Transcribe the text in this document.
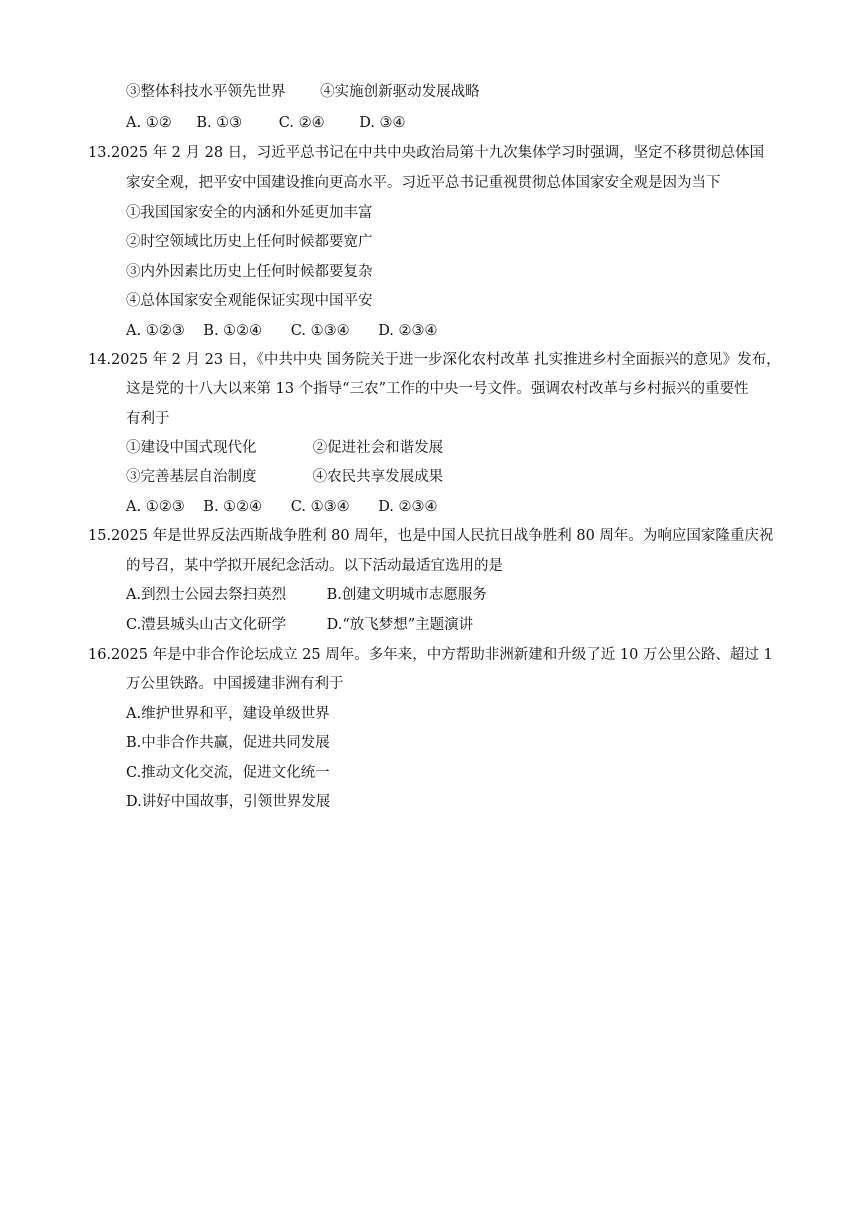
③整体科技水平领先世界 ④实施创新驱动发展战略
A. ①② B. ①③	C. ②④ D. ③④
13.2025 年 2 月 28 日，习近平总书记在中共中央政治局第十九次集体学习时强调，坚定不移贯彻总体国
家安全观，把平安中国建设推向更高水平。习近平总书记重视贯彻总体国家安全观是因为当下
①我国国家安全的内涵和外延更加丰富
②时空领域比历史上任何时候都要宽广
③内外因素比历史上任何时候都要复杂
④总体国家安全观能保证实现中国平安
A. ①②③ B. ①②④ C. ①③④ D. ②③④
14.2025 年 2 月 23 日，《中共中央 国务院关于进一步深化农村改革 扎实推进乡村全面振兴的意见》发布，
这是党的十八大以来第 13 个指导“三农”工作的中央一号文件。强调农村改革与乡村振兴的重要性
有利于
①建设中国式现代化	②促进社会和谐发展
③完善基层自治制度	④农民共享发展成果
A. ①②③ B. ①②④ C. ①③④ D. ②③④
15.2025 年是世界反法西斯战争胜利 80 周年，也是中国人民抗日战争胜利 80 周年。为响应国家隆重庆祝
的号召，某中学拟开展纪念活动。以下活动最适宜选用的是
A.到烈士公园去祭扫英烈	B.创建文明城市志愿服务
C.澧县城头山古文化研学	D.“放飞梦想”主题演讲
16.2025 年是中非合作论坛成立 25 周年。多年来，中方帮助非洲新建和升级了近 10 万公里公路、超过 1
万公里铁路。中国援建非洲有利于
A.维护世界和平，建设单级世界
B.中非合作共赢，促进共同发展
C.推动文化交流，促进文化统一
D.讲好中国故事，引领世界发展
